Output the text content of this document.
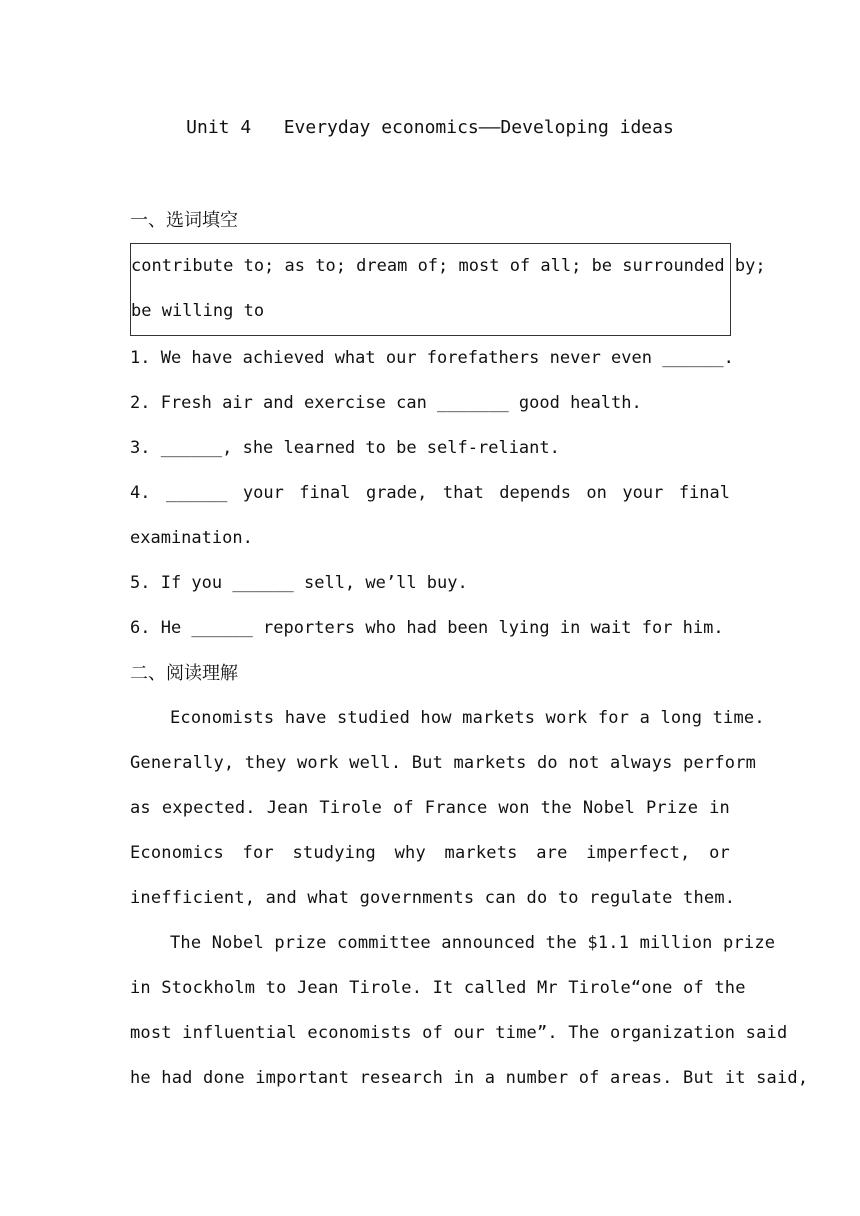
Unit 4   Everyday economics——Developing ideas
一、选词填空
contribute to; as to; dream of; most of all; be surrounded by;
be willing to
1. We have achieved what our forefathers never even ______.
2. Fresh air and exercise can _______ good health.
3. ______, she learned to be self-reliant.
4. ______ your final grade, that depends on your final
examination.
5. If you ______ sell, we’ll buy.
6. He ______ reporters who had been lying in wait for him.
二、阅读理解
Economists have studied how markets work for a long time.
Generally, they work well. But markets do not always perform
as expected. Jean Tirole of France won the Nobel Prize in
Economics for studying why markets are imperfect, or
inefficient, and what governments can do to regulate them.
The Nobel prize committee announced the $1.1 million prize
in Stockholm to Jean Tirole. It called Mr Tirole“one of the
most influential economists of our time”. The organization said
he had done important research in a number of areas. But it said,
